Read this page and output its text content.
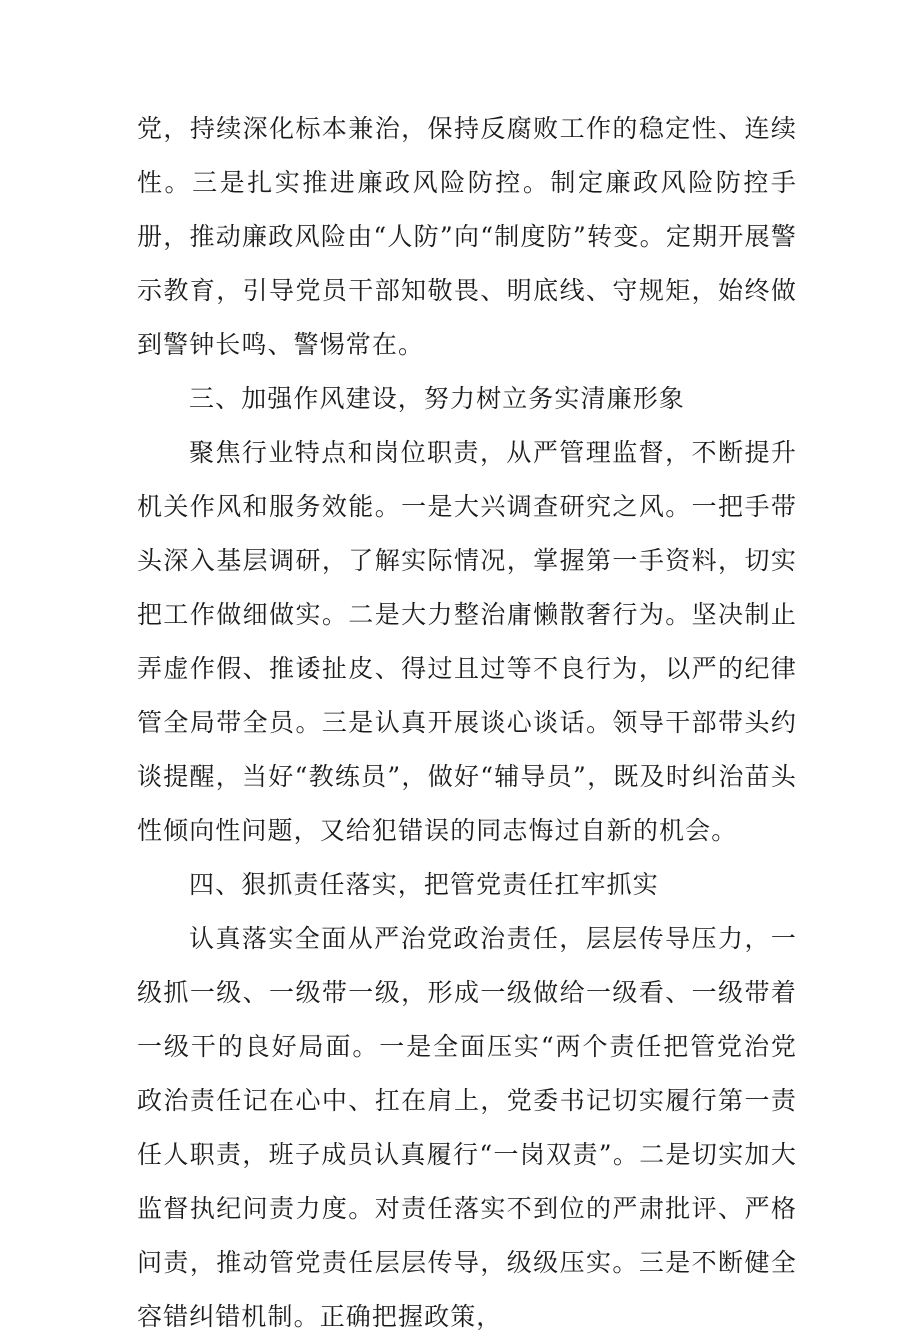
党，持续深化标本兼治，保持反腐败工作的稳定性、连续性。三是扎实推进廉政风险防控。制定廉政风险防控手册，推动廉政风险由“人防”向“制度防”转变。定期开展警示教育，引导党员干部知敬畏、明底线、守规矩，始终做到警钟长鸣、警惕常在。

三、加强作风建设，努力树立务实清廉形象

聚焦行业特点和岗位职责，从严管理监督，不断提升机关作风和服务效能。一是大兴调查研究之风。一把手带头深入基层调研，了解实际情况，掌握第一手资料，切实把工作做细做实。二是大力整治庸懒散奢行为。坚决制止弄虚作假、推诿扯皮、得过且过等不良行为，以严的纪律管全局带全员。三是认真开展谈心谈话。领导干部带头约谈提醒，当好“教练员”，做好“辅导员”，既及时纠治苗头性倾向性问题，又给犯错误的同志悔过自新的机会。

四、狠抓责任落实，把管党责任扛牢抓实

认真落实全面从严治党政治责任，层层传导压力，一级抓一级、一级带一级，形成一级做给一级看、一级带着一级干的良好局面。一是全面压实“两个责任把管党治党政治责任记在心中、扛在肩上，党委书记切实履行第一责任人职责，班子成员认真履行“一岗双责”。二是切实加大监督执纪问责力度。对责任落实不到位的严肃批评、严格问责，推动管党责任层层传导，级级压实。三是不断健全容错纠错机制。正确把握政策，
